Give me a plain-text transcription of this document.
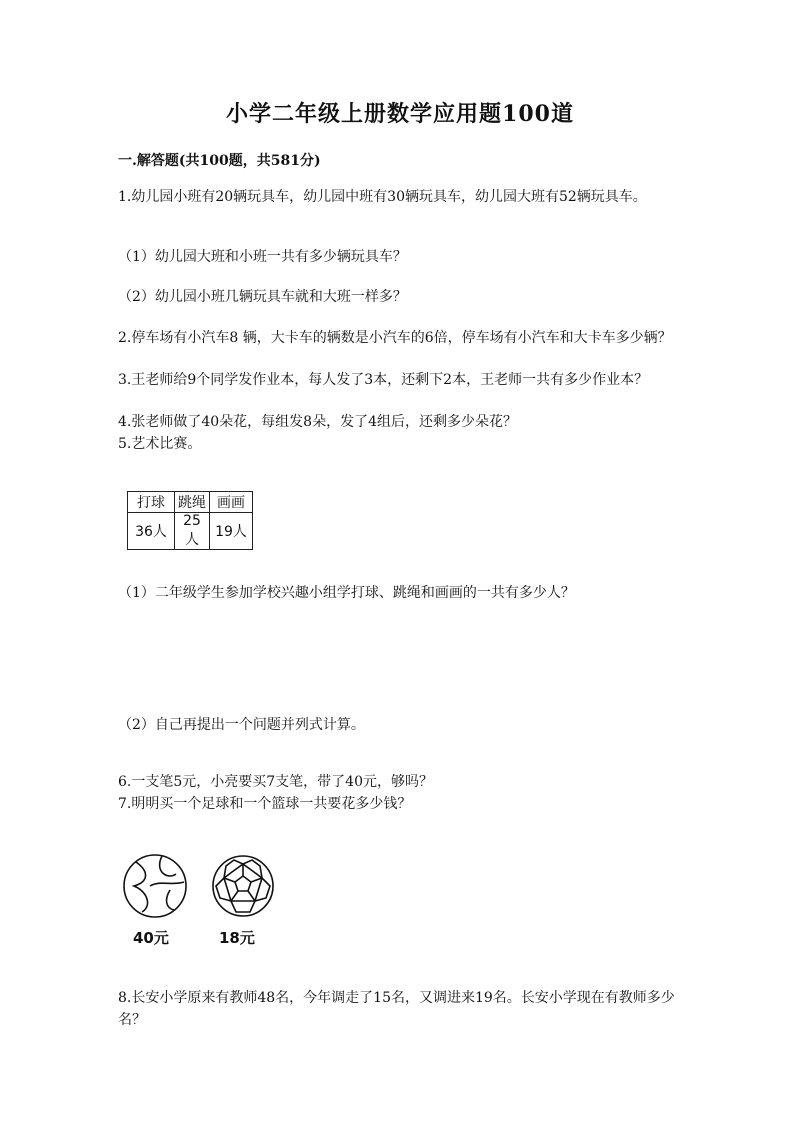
小学二年级上册数学应用题100道
一.解答题(共100题，共581分)
1.幼儿园小班有20辆玩具车，幼儿园中班有30辆玩具车，幼儿园大班有52辆玩具车。
（1）幼儿园大班和小班一共有多少辆玩具车？
（2）幼儿园小班几辆玩具车就和大班一样多？
2.停车场有小汽车8 辆，大卡车的辆数是小汽车的6倍，停车场有小汽车和大卡车多少辆？
3.王老师给9个同学发作业本，每人发了3本，还剩下2本，王老师一共有多少作业本？
4.张老师做了40朵花，每组发8朵，发了4组后，还剩多少朵花？
5.艺术比赛。
打球	跳绳	画画
36人	25人	19人
（1）二年级学生参加学校兴趣小组学打球、跳绳和画画的一共有多少人？
（2）自己再提出一个问题并列式计算。
6.一支笔5元，小亮要买7支笔，带了40元，够吗？
7.明明买一个足球和一个篮球一共要花多少钱？
40元	18元
8.长安小学原来有教师48名，今年调走了15名，又调进来19名。长安小学现在有教师多少名？
